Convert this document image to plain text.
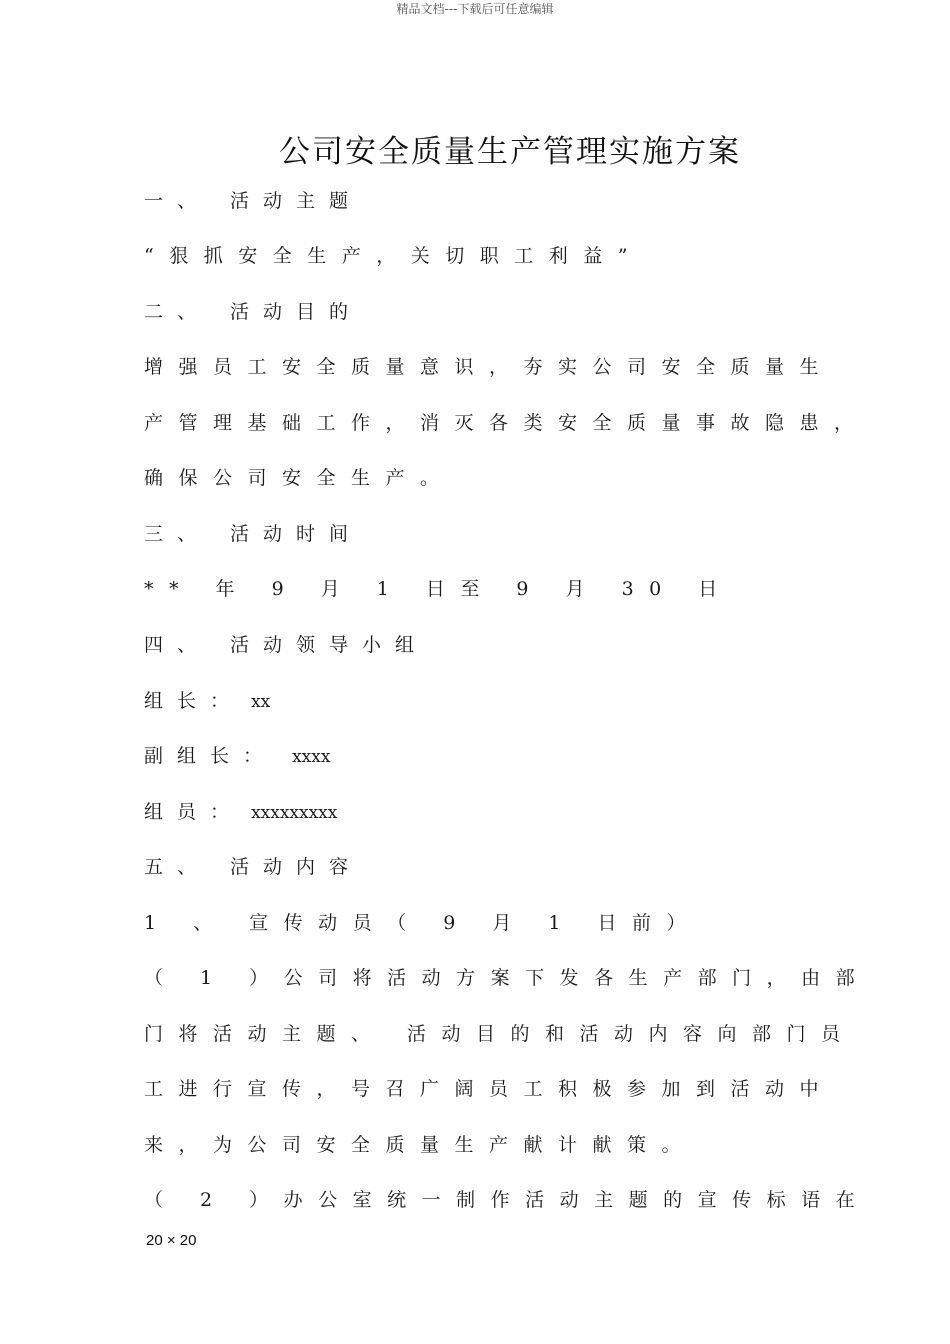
精品文档---下载后可任意编辑
公司安全质量生产管理实施方案
一、 活动主题
“狠抓安全生产，关切职工利益”
二、 活动目的
增强员工安全质量意识，夯实公司安全质量生
产管理基础工作，消灭各类安全质量事故隐患，
确保公司安全生产。
三、 活动时间
** 年 9 月 1 日至 9 月 30 日
四、 活动领导小组
组长： xx
副组长： xxxx
组员： xxxxxxxxx
五、 活动内容
1 、 宣传动员（ 9 月 1 日前）
（ 1 ）公司将活动方案下发各生产部门，由部
门将活动主题、 活动目的和活动内容向部门员
工进行宣传，号召广阔员工积极参加到活动中
来，为公司安全质量生产献计献策。
（ 2 ）办公室统一制作活动主题的宣传标语在
20 × 20
